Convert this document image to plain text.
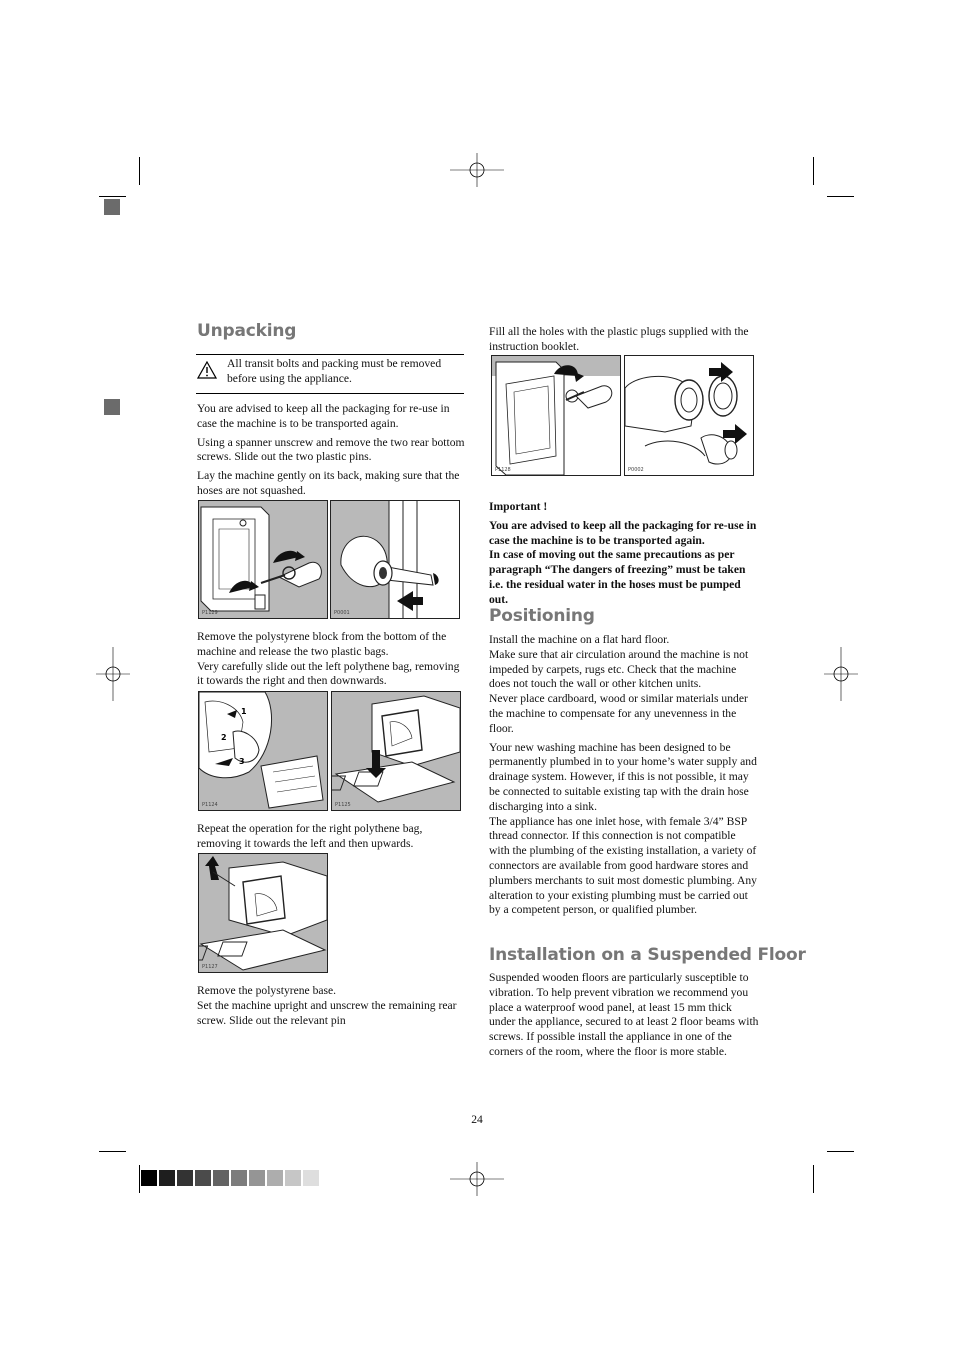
Unpacking

All transit bolts and packing must be removed before using the appliance.

You are advised to keep all the packaging for re-use in case the machine is to be transported again.

Using a spanner unscrew and remove the two rear bottom screws. Slide out the two plastic pins.

Lay the machine gently on its back, making sure that the hoses are not squashed.

P1129	P0001

Remove the polystyrene block from the bottom of the machine and release the two plastic bags.

Very carefully slide out the left polythene bag, removing it towards the right and then downwards.

1
2
3
P1124	P1125

Repeat the operation for the right polythene bag, removing it towards the left and then upwards.

P1127

Remove the polystyrene base.

Set the machine upright and unscrew the remaining rear screw. Slide out the relevant pin

Fill all the holes with the plastic plugs supplied with the instruction booklet.

P1128	P0002

Important !

You are advised to keep all the packaging for re-use in case the machine is to be transported again.

In case of moving out the same precautions as per paragraph “The dangers of freezing” must be taken i.e. the residual water in the hoses must be pumped out.

Positioning

Install the machine on a flat hard floor.

Make sure that air circulation around the machine is not impeded by carpets, rugs etc. Check that the machine does not touch the wall or other kitchen units.

Never place cardboard, wood or similar materials under the machine to compensate for any unevenness in the floor.

Your new washing machine has been designed to be permanently plumbed in to your home’s water supply and drainage system. However, if this is not possible, it may be connected to suitable existing tap with the drain hose discharging into a sink.

The appliance has one inlet hose, with female 3/4” BSP thread connector. If this connection is not compatible with the plumbing of the existing installation, a variety of connectors are available from good hardware stores and plumbers merchants to suit most domestic plumbing. Any alteration to your existing plumbing must be carried out by a competent person, or qualified plumber.

Installation on a Suspended Floor

Suspended wooden floors are particularly susceptible to vibration. To help prevent vibration we recommend you place a waterproof wood panel, at least 15 mm thick under the appliance, secured to at least 2 floor beams with screws. If possible install the appliance in one of the corners of the room, where the floor is more stable.

24
